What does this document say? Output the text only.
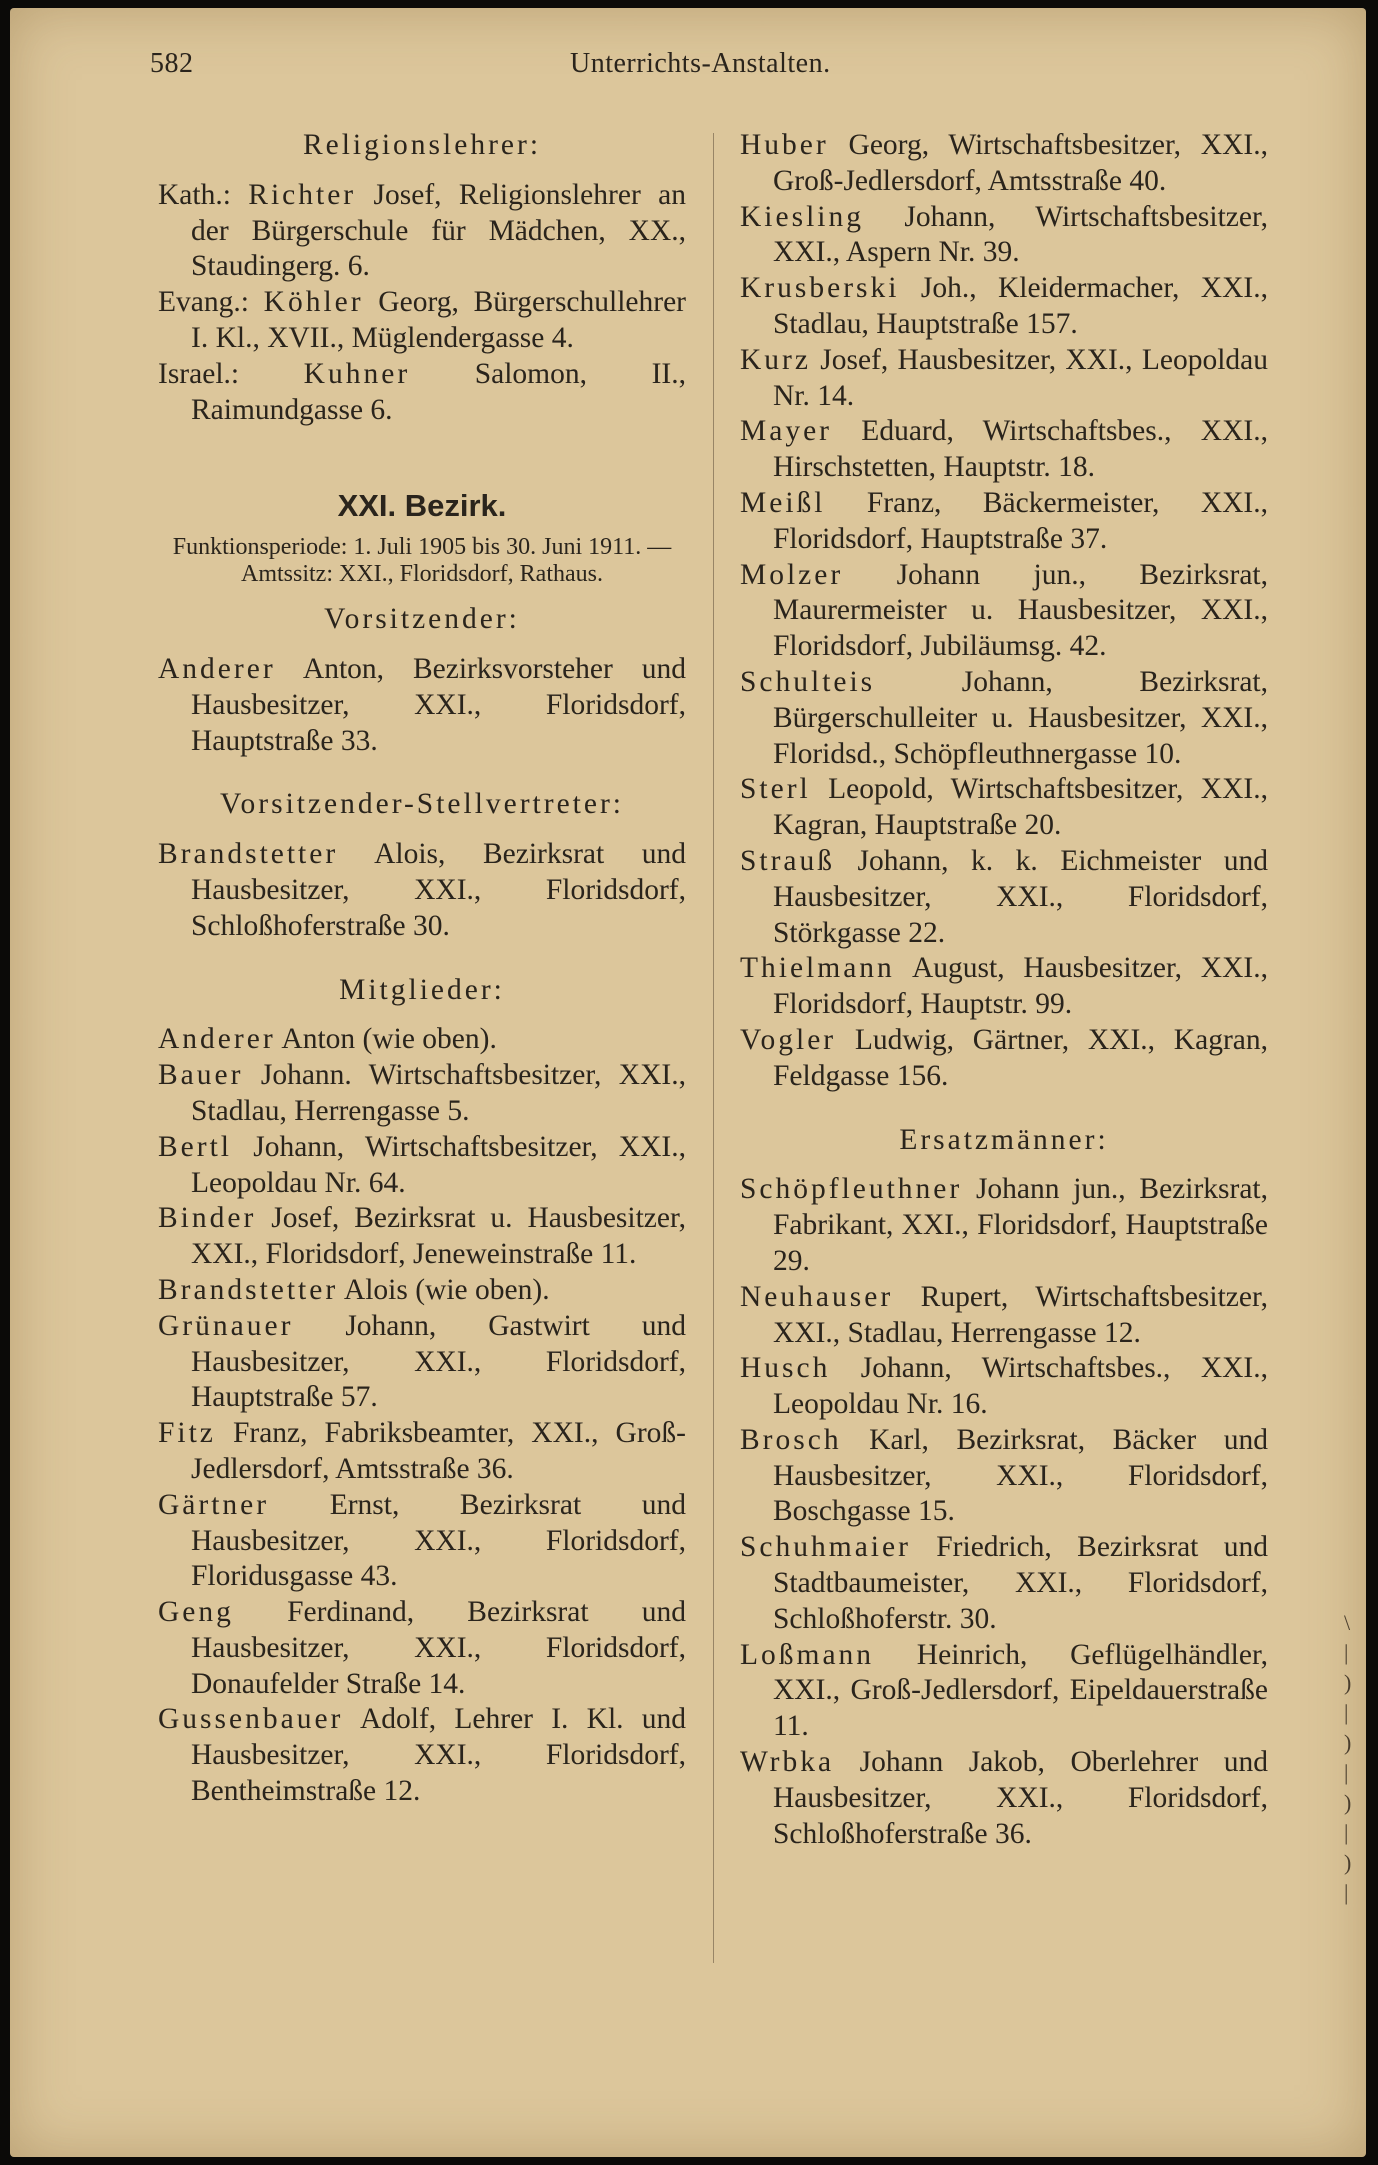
582	Unterrichts-Anstalten.
Religionslehrer:
Kath.: Richter Josef, Religionslehrer an der Bürgerschule für Mädchen, XX., Staudingerg. 6.
Evang.: Köhler Georg, Bürgerschullehrer I. Kl., XVII., Müglendergasse 4.
Israel.: Kuhner Salomon, II., Raimundgasse 6.
XXI. Bezirk.
Funktionsperiode: 1. Juli 1905 bis 30. Juni 1911. — Amtssitz: XXI., Floridsdorf, Rathaus.
Vorsitzender:
Anderer Anton, Bezirksvorsteher und Hausbesitzer, XXI., Floridsdorf, Hauptstraße 33.
Vorsitzender-Stellvertreter:
Brandstetter Alois, Bezirksrat und Hausbesitzer, XXI., Floridsdorf, Schloßhoferstraße 30.
Mitglieder:
Anderer Anton (wie oben).
Bauer Johann. Wirtschaftsbesitzer, XXI., Stadlau, Herrengasse 5.
Bertl Johann, Wirtschaftsbesitzer, XXI., Leopoldau Nr. 64.
Binder Josef, Bezirksrat u. Hausbesitzer, XXI., Floridsdorf, Jeneweinstraße 11.
Brandstetter Alois (wie oben).
Grünauer Johann, Gastwirt und Hausbesitzer, XXI., Floridsdorf, Hauptstraße 57.
Fitz Franz, Fabriksbeamter, XXI., Groß-Jedlersdorf, Amtsstraße 36.
Gärtner Ernst, Bezirksrat und Hausbesitzer, XXI., Floridsdorf, Floridusgasse 43.
Geng Ferdinand, Bezirksrat und Hausbesitzer, XXI., Floridsdorf, Donaufelder Straße 14.
Gussenbauer Adolf, Lehrer I. Kl. und Hausbesitzer, XXI., Floridsdorf, Bentheimstraße 12.
Huber Georg, Wirtschaftsbesitzer, XXI., Groß-Jedlersdorf, Amtsstraße 40.
Kiesling Johann, Wirtschaftsbesitzer, XXI., Aspern Nr. 39.
Krusberski Joh., Kleidermacher, XXI., Stadlau, Hauptstraße 157.
Kurz Josef, Hausbesitzer, XXI., Leopoldau Nr. 14.
Mayer Eduard, Wirtschaftsbes., XXI., Hirschstetten, Hauptstr. 18.
Meißl Franz, Bäckermeister, XXI., Floridsdorf, Hauptstraße 37.
Molzer Johann jun., Bezirksrat, Maurermeister u. Hausbesitzer, XXI., Floridsdorf, Jubiläumsg. 42.
Schulteis Johann, Bezirksrat, Bürgerschulleiter u. Hausbesitzer, XXI., Floridsd., Schöpfleuthnergasse 10.
Sterl Leopold, Wirtschaftsbesitzer, XXI., Kagran, Hauptstraße 20.
Strauß Johann, k. k. Eichmeister und Hausbesitzer, XXI., Floridsdorf, Störkgasse 22.
Thielmann August, Hausbesitzer, XXI., Floridsdorf, Hauptstr. 99.
Vogler Ludwig, Gärtner, XXI., Kagran, Feldgasse 156.
Ersatzmänner:
Schöpfleuthner Johann jun., Bezirksrat, Fabrikant, XXI., Floridsdorf, Hauptstraße 29.
Neuhauser Rupert, Wirtschaftsbesitzer, XXI., Stadlau, Herrengasse 12.
Husch Johann, Wirtschaftsbes., XXI., Leopoldau Nr. 16.
Brosch Karl, Bezirksrat, Bäcker und Hausbesitzer, XXI., Floridsdorf, Boschgasse 15.
Schuhmaier Friedrich, Bezirksrat und Stadtbaumeister, XXI., Floridsdorf, Schloßhoferstr. 30.
Loßmann Heinrich, Geflügelhändler, XXI., Groß-Jedlersdorf, Eipeldauerstraße 11.
Wrbka Johann Jakob, Oberlehrer und Hausbesitzer, XXI., Floridsdorf, Schloßhoferstraße 36.
\
|
)
|
)
|
)
|
)
|
